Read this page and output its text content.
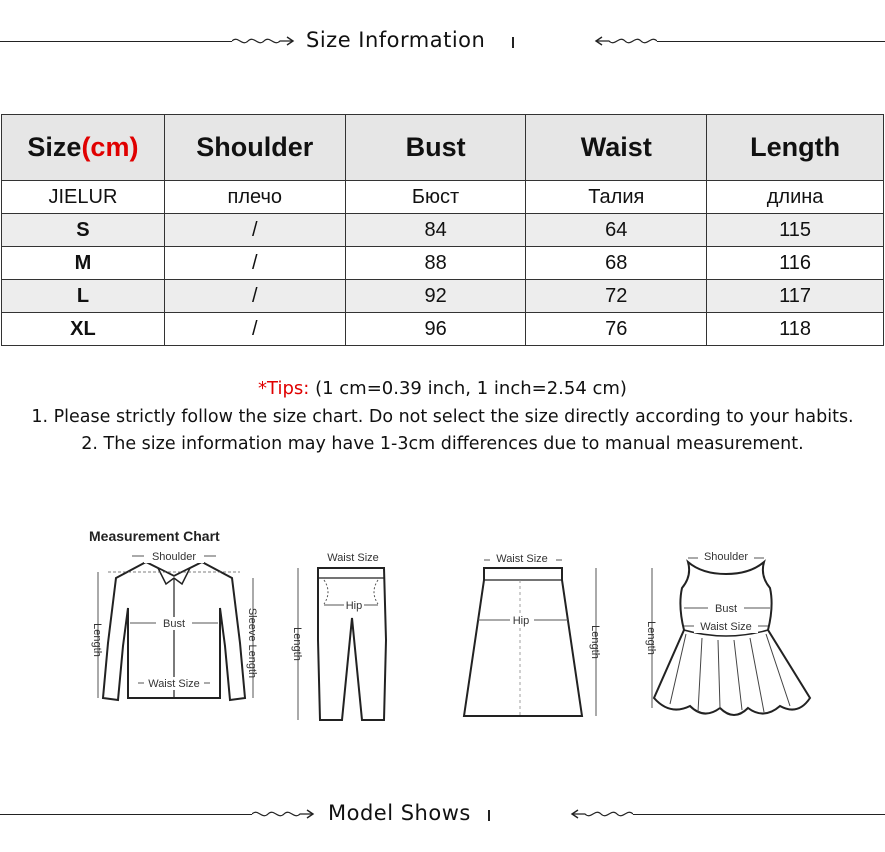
Size Information
Size(cm)	Shoulder	Bust	Waist	Length
JIELUR	плечо	Бюст	Талия	длина
S	/	84	64	115
M	/	88	68	116
L	/	92	72	117
XL	/	96	76	118
*Tips: (1 cm=0.39 inch, 1 inch=2.54 cm)
1. Please strictly follow the size chart. Do not select the size directly according to your habits.
2. The size information may have 1-3cm differences due to manual measurement.
Measurement Chart
Shoulder
Bust
Waist Size
Length	Sleeve Length
Waist Size
Hip
Length
Waist Size
Hip
Length
Shoulder
Bust
Waist Size
Length
Model Shows
